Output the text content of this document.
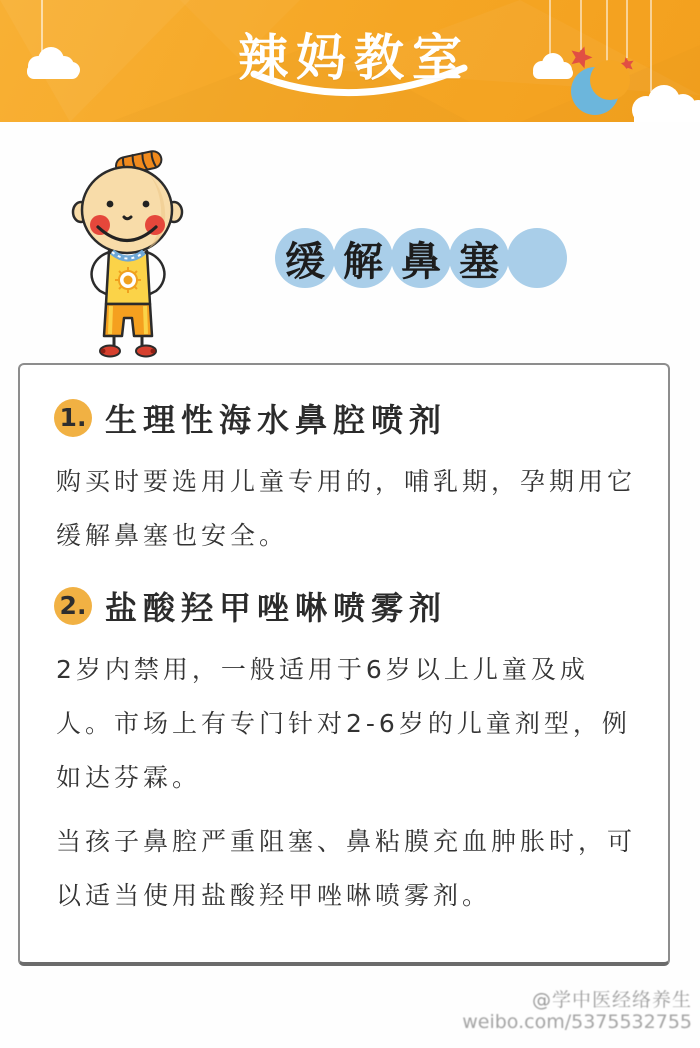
辣妈教室
缓 解 鼻 塞
1. 生理性海水鼻腔喷剂

购买时要选用儿童专用的，哺乳期，孕期用它缓解鼻塞也安全。

2. 盐酸羟甲唑啉喷雾剂

2岁内禁用，一般适用于6岁以上儿童及成人。市场上有专门针对2-6岁的儿童剂型，例如达芬霖。

当孩子鼻腔严重阻塞、鼻粘膜充血肿胀时，可以适当使用盐酸羟甲唑啉喷雾剂。

@学中医经络养生
weibo.com/5375532755
